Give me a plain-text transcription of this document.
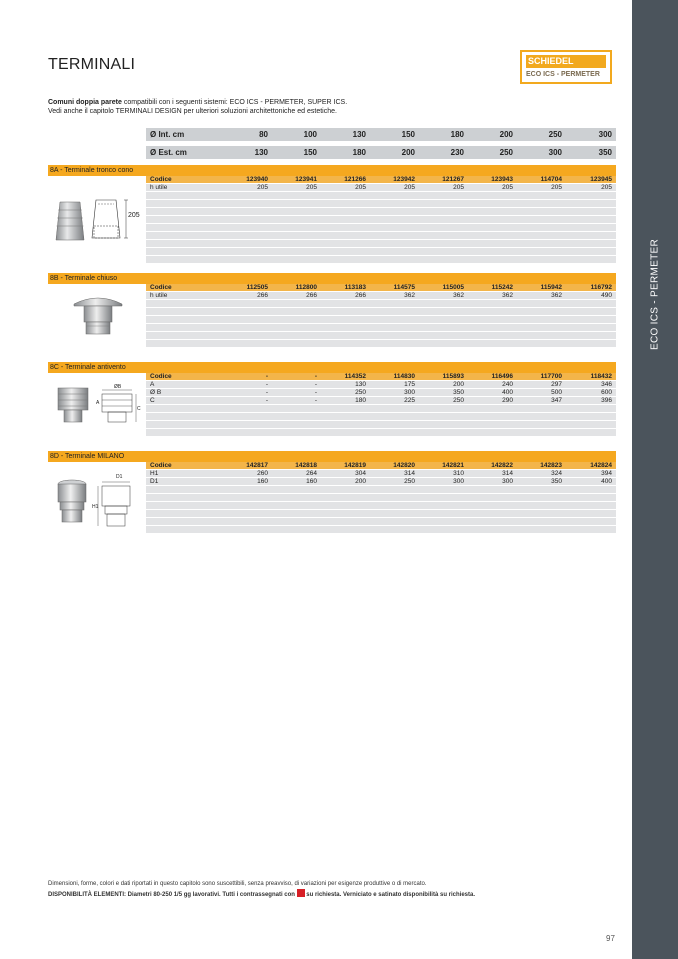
ECO ICS - PERMETER
TERMINALI	SCHIEDEL
ECO ICS - PERMETER
Comuni doppia parete compatibili con i seguenti sistemi: ECO ICS - PERMETER, SUPER ICS.
Vedi anche il capitolo TERMINALI DESIGN per ulteriori soluzioni architettoniche ed estetiche.
Ø Int. cm	80	100	130	150	180	200	250	300
Ø Est. cm	130	150	180	200	230	250	300	350
8A - Terminale tronco cono
Codice	123940	123941	121266	123942	121267	123943	114704	123945
h utile	205	205	205	205	205	205	205	205
205
8B - Terminale chiuso
Codice	112505	112800	113183	114575	115005	115242	115942	116792
h utile	266	266	266	362	362	362	362	490
8C - Terminale antivento
Codice	-	-	114352	114830	115893	116496	117700	118432
A	-	-	130	175	200	240	297	346
Ø B	-	-	250	300	350	400	500	600
C	-	-	180	225	250	290	347	396
ØB
A
C
8D - Terminale MILANO
Codice	142817	142818	142819	142820	142821	142822	142823	142824
H1	260	264	304	314	310	314	324	394
D1	160	160	200	250	300	300	350	400
D1
H1
Dimensioni, forme, colori e dati riportati in questo capitolo sono suscettibili, senza preavviso, di variazioni per esigenze produttive o di mercato.
DISPONIBILITÀ ELEMENTI: Diametri 80-250 1/5 gg lavorativi. Tutti i contrassegnati con  su richiesta. Verniciato e satinato disponibilità su richiesta.
97
